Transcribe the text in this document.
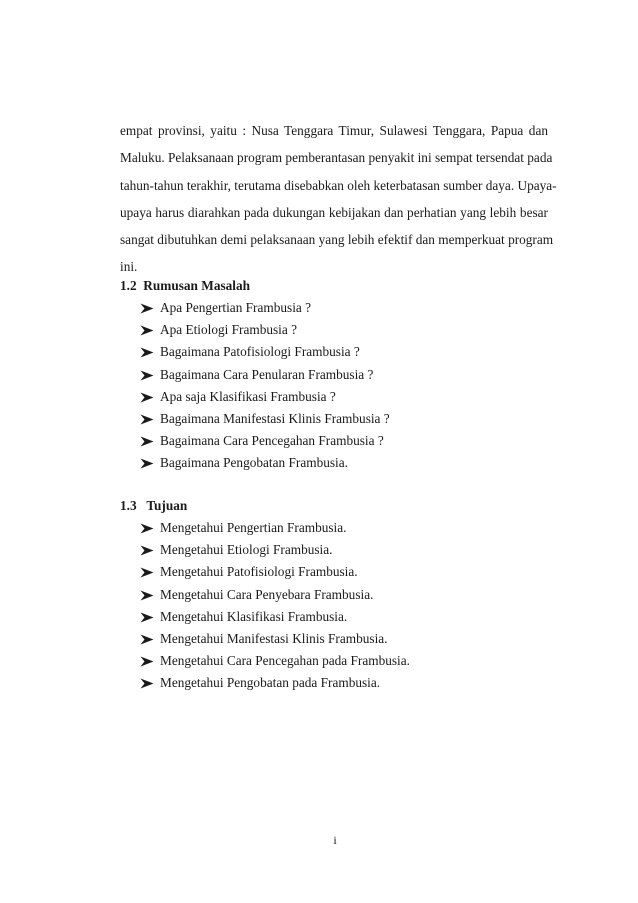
empat provinsi, yaitu : Nusa Tenggara Timur, Sulawesi Tenggara, Papua dan
Maluku. Pelaksanaan program pemberantasan penyakit ini sempat tersendat pada
tahun-tahun terakhir, terutama disebabkan oleh keterbatasan sumber daya. Upaya-
upaya harus diarahkan pada dukungan kebijakan dan perhatian yang lebih besar
sangat dibutuhkan demi pelaksanaan yang lebih efektif dan memperkuat program
ini.

1.2  Rumusan Masalah
Apa Pengertian Frambusia ?
Apa Etiologi Frambusia ?
Bagaimana Patofisiologi Frambusia ?
Bagaimana Cara Penularan Frambusia ?
Apa saja Klasifikasi Frambusia ?
Bagaimana Manifestasi Klinis Frambusia ?
Bagaimana Cara Pencegahan Frambusia ?
Bagaimana Pengobatan Frambusia.
1.3   Tujuan
Mengetahui Pengertian Frambusia.
Mengetahui Etiologi Frambusia.
Mengetahui Patofisiologi Frambusia.
Mengetahui Cara Penyebara Frambusia.
Mengetahui Klasifikasi Frambusia.
Mengetahui Manifestasi Klinis Frambusia.
Mengetahui Cara Pencegahan pada Frambusia.
Mengetahui Pengobatan pada Frambusia.
i
